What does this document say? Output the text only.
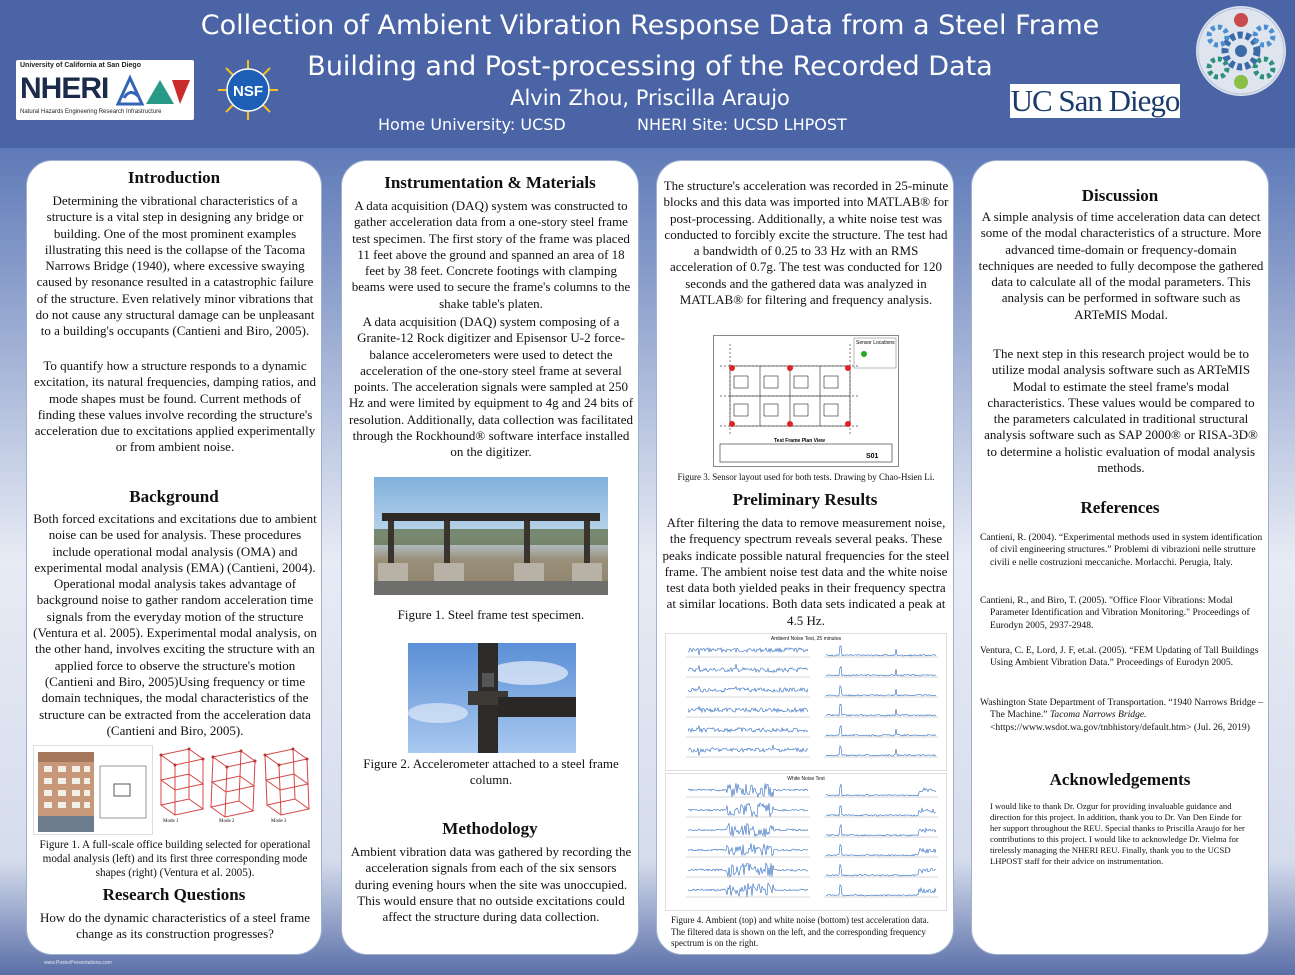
University of California at San Diego
NHERI
Natural Hazards Engineering Research Infrastructure
NSF
Collection of Ambient Vibration Response Data from a Steel Frame
Building and Post-processing of the Recorded Data
Alvin Zhou, Priscilla Araujo
Home University: UCSD	NHERI Site: UCSD LHPOST
UC San Diego
Introduction

Determining the vibrational characteristics of a structure is a vital step in designing any bridge or building. One of the most prominent examples illustrating this need is the collapse of the Tacoma Narrows Bridge (1940), where excessive swaying caused by resonance resulted in a catastrophic failure of the structure. Even relatively minor vibrations that do not cause any structural damage can be unpleasant to a building's occupants (Cantieni and Biro, 2005).

To quantify how a structure responds to a dynamic excitation, its natural frequencies, damping ratios, and mode shapes must be found. Current methods of finding these values involve recording the structure's acceleration due to excitations applied experimentally or from ambient noise.

Background

Both forced excitations and excitations due to ambient noise can be used for analysis. These procedures include operational modal analysis (OMA) and experimental modal analysis (EMA) (Cantieni, 2004). Operational modal analysis takes advantage of background noise to gather random acceleration time signals from the everyday motion of the structure (Ventura et al. 2005). Experimental modal analysis, on the other hand, involves exciting the structure with an applied force to observe the structure's motion (Cantieni and Biro, 2005)Using frequency or time domain techniques, the modal characteristics of the structure can be extracted from the acceleration data (Cantieni and Biro, 2005).

Mode 1	Mode 2	Mode 3

Figure 1. A full-scale office building selected for operational modal analysis (left) and its first three corresponding mode shapes (right) (Ventura et al. 2005).

Research Questions

How do the dynamic characteristics of a steel frame change as its construction progresses?

www.PosterPresentations.com
Instrumentation & Materials

A data acquisition (DAQ) system was constructed to gather acceleration data from a one-story steel frame test specimen. The first story of the frame was placed 11 feet above the ground and spanned an area of 18 feet by 38 feet. Concrete footings with clamping beams were used to secure the frame's columns to the shake table's platen.

A data acquisition (DAQ) system composing of a Granite-12 Rock digitizer and Episensor U-2 force-balance accelerometers were used to detect the acceleration of the one-story steel frame at several points. The acceleration signals were sampled at 250 Hz and were limited by equipment to 4g and 24 bits of resolution. Additionally, data collection was facilitated through the Rockhound® software interface installed on the digitizer.

Figure 1. Steel frame test specimen.

Figure 2. Accelerometer attached to a steel frame column.

Methodology

Ambient vibration data was gathered by recording the acceleration signals from each of the six sensors during evening hours when the site was unoccupied. This would ensure that no outside excitations could affect the structure during data collection.

The structure's acceleration was recorded in 25-minute blocks and this data was imported into MATLAB® for post-processing. Additionally, a white noise test was conducted to forcibly excite the structure. The test had a bandwidth of 0.25 to 33 Hz with an RMS acceleration of 0.7g. The test was conducted for 120 seconds and the gathered data was analyzed in MATLAB® for filtering and frequency analysis.

Sensor Locations
Test Frame Plan View
S01

Figure 3. Sensor layout used for both tests. Drawing by Chao-Hsien Li.

Preliminary Results

After filtering the data to remove measurement noise, the frequency spectrum reveals several peaks. These peaks indicate possible natural frequencies for the steel frame. The ambient noise test data and the white noise test data both yielded peaks in their frequency spectra at similar locations. Both data sets indicated a peak at 4.5 Hz.

Ambient Noise Test, 25 minutes
White Noise Test

Figure 4. Ambient (top) and white noise (bottom) test acceleration data. The filtered data is shown on the left, and the corresponding frequency spectrum is on the right.

Discussion

A simple analysis of time acceleration data can detect some of the modal characteristics of a structure. More advanced time-domain or frequency-domain techniques are needed to fully decompose the gathered data to calculate all of the modal parameters. This analysis can be performed in software such as ARTeMIS Modal.

The next step in this research project would be to utilize modal analysis software such as ARTeMIS Modal to estimate the steel frame's modal characteristics. These values would be compared to the parameters calculated in traditional structural analysis software such as SAP 2000® or RISA-3D® to determine a holistic evaluation of modal analysis methods.

References

Cantieni, R. (2004). “Experimental methods used in system identification of civil engineering structures.” Problemi di vibrazioni nelle strutture civili e nelle costruzioni meccaniche. Morlacchi. Perugia, Italy.

Cantieni, R., and Biro, T. (2005). "Office Floor Vibrations: Modal Parameter Identification and Vibration Monitoring." Proceedings of Eurodyn 2005, 2937-2948.

Ventura, C. E, Lord, J. F, et.al. (2005). “FEM Updating of Tall Buildings Using Ambient Vibration Data.” Proceedings of Eurodyn 2005.

Washington State Department of Transportation. “1940 Narrows Bridge – The Machine.” Tacoma Narrows Bridge. <https://www.wsdot.wa.gov/tnbhistory/default.htm> (Jul. 26, 2019)

Acknowledgements

I would like to thank Dr. Ozgur for providing invaluable guidance and direction for this project. In addition, thank you to Dr. Van Den Einde for her support throughout the REU. Special thanks to Priscilla Araujo for her contributions to this project. I would like to acknowledge Dr. Vielma for tirelessly managing the NHERI REU. Finally, thank you to the UCSD LHPOST staff for their advice on instrumentation.
